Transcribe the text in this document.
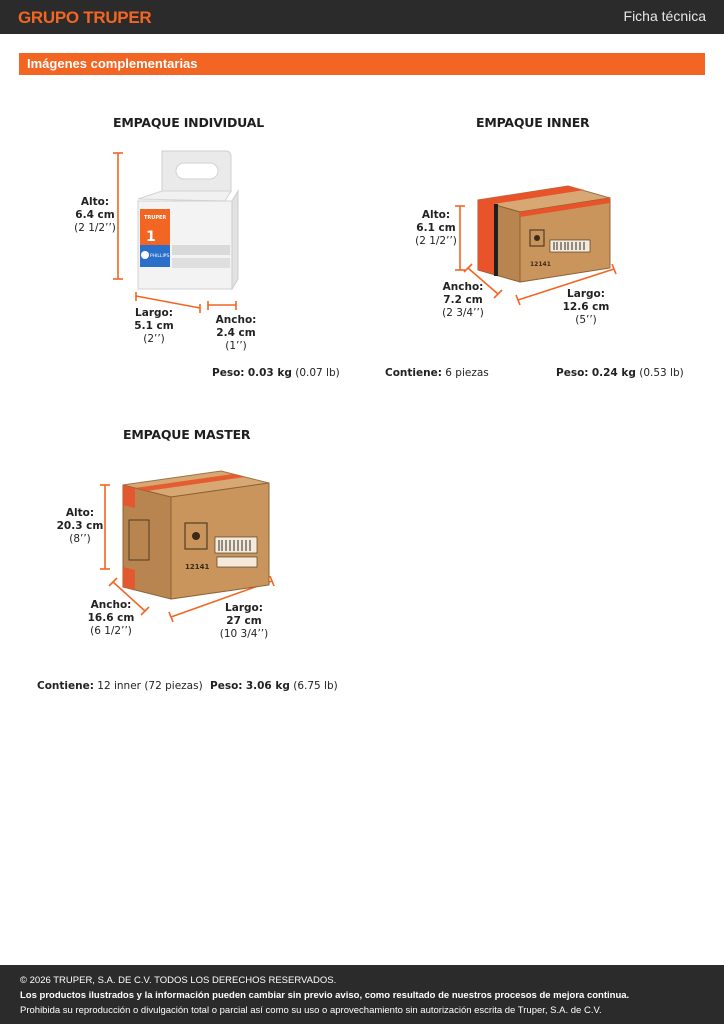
GRUPO TRUPER	Ficha técnica
Imágenes complementarias
EMPAQUE INDIVIDUAL
TRUPER
1
PHILLIPS
Alto:
6.4 cm
(2 1/2’’)
Largo:
5.1 cm
(2’’)
Ancho:
2.4 cm
(1’’)
Peso: 0.03 kg (0.07 lb)
EMPAQUE INNER
12141
Alto:
6.1 cm
(2 1/2’’)
Ancho:
7.2 cm
(2 3/4’’)
Largo:
12.6 cm
(5’’)
Contiene: 6 piezas	Peso: 0.24 kg (0.53 lb)
EMPAQUE MASTER
12141
Alto:
20.3 cm
(8’’)
Ancho:
16.6 cm
(6 1/2’’)
Largo:
27 cm
(10 3/4’’)
Contiene: 12 inner (72 piezas) Peso: 3.06 kg (6.75 lb)
© 2026 TRUPER, S.A. DE C.V. TODOS LOS DERECHOS RESERVADOS.
Los productos ilustrados y la información pueden cambiar sin previo aviso, como resultado de nuestros procesos de mejora continua.
Prohibida su reproducción o divulgación total o parcial así como su uso o aprovechamiento sin autorización escrita de Truper, S.A. de C.V.
